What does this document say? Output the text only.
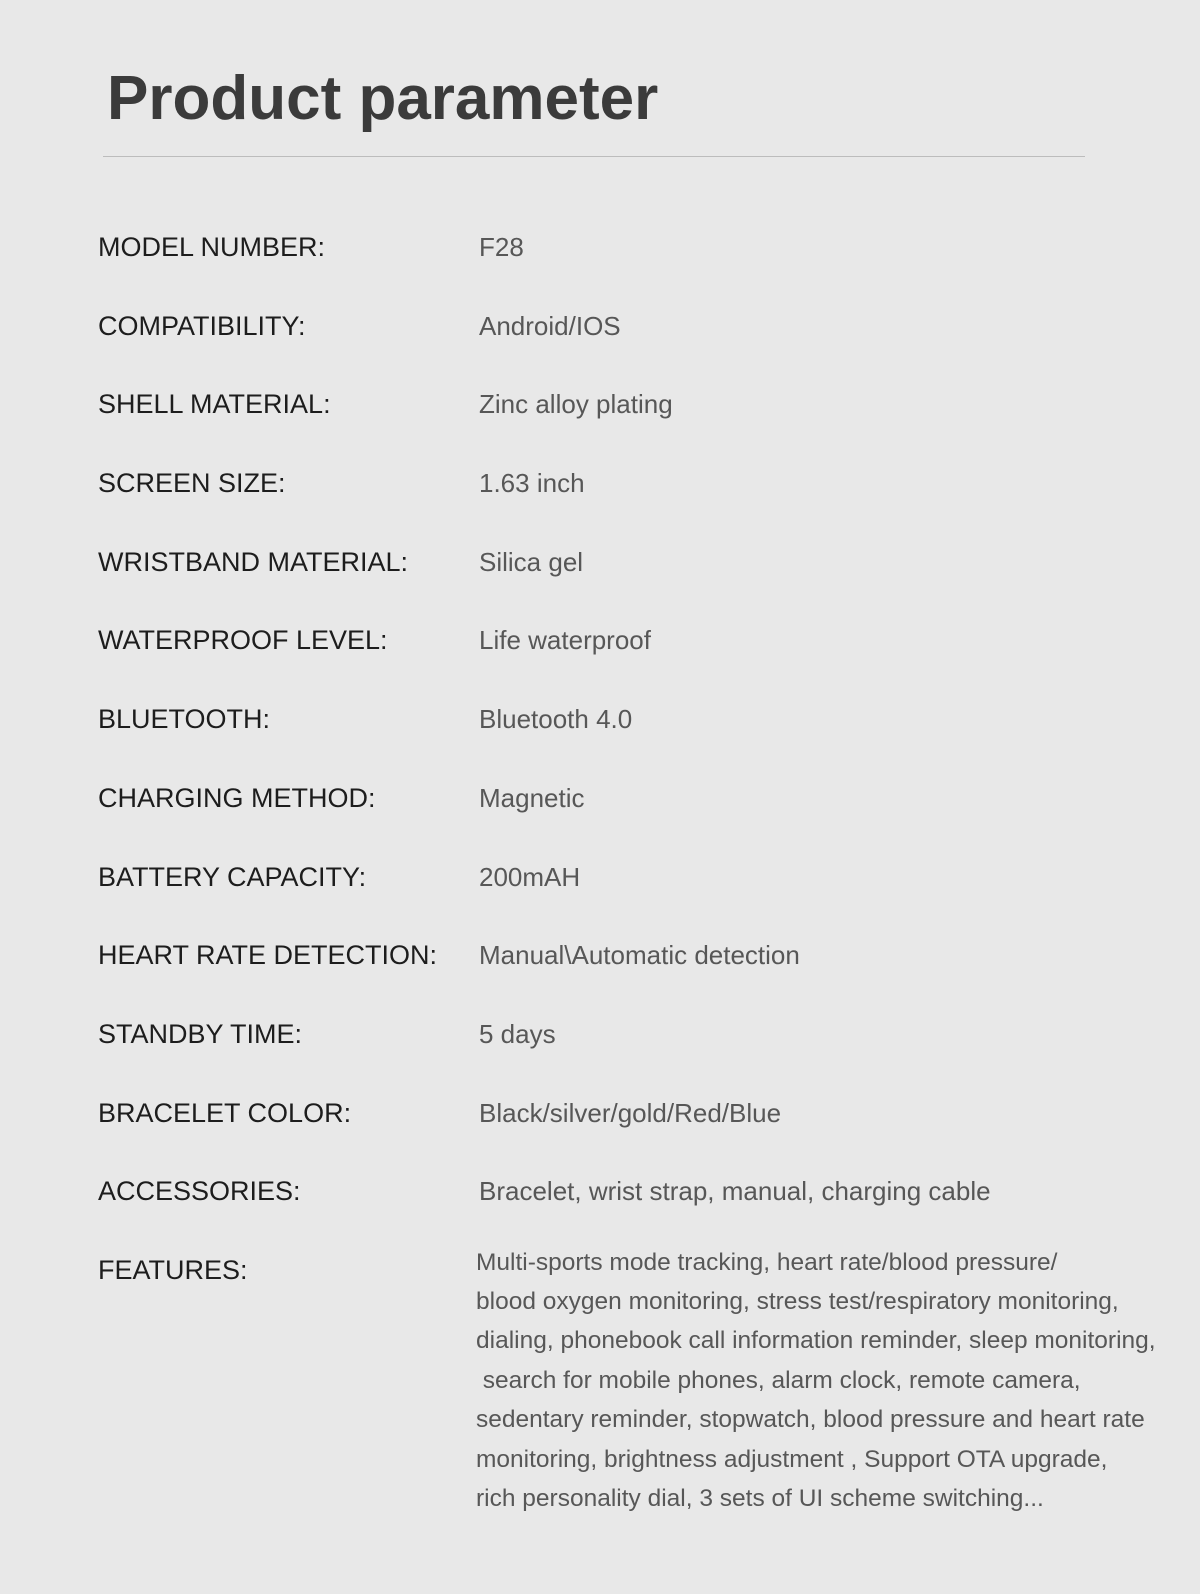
Product parameter
MODEL NUMBER:	F28
COMPATIBILITY:	Android/IOS
SHELL MATERIAL:	Zinc alloy plating
SCREEN SIZE:	1.63 inch
WRISTBAND MATERIAL:	Silica gel
WATERPROOF LEVEL:	Life waterproof
BLUETOOTH:	Bluetooth 4.0
CHARGING METHOD:	Magnetic
BATTERY CAPACITY:	200mAH
HEART RATE DETECTION: Manual\Automatic detection
STANDBY TIME:	5 days
BRACELET COLOR:	Black/silver/gold/Red/Blue
ACCESSORIES:	Bracelet, wrist strap, manual, charging cable
FEATURES:	Multi-sports mode tracking, heart rate/blood pressure/
blood oxygen monitoring, stress test/respiratory monitoring,
dialing, phonebook call information reminder, sleep monitoring,
search for mobile phones, alarm clock, remote camera,
sedentary reminder, stopwatch, blood pressure and heart rate
monitoring, brightness adjustment , Support OTA upgrade,
rich personality dial, 3 sets of UI scheme switching...
